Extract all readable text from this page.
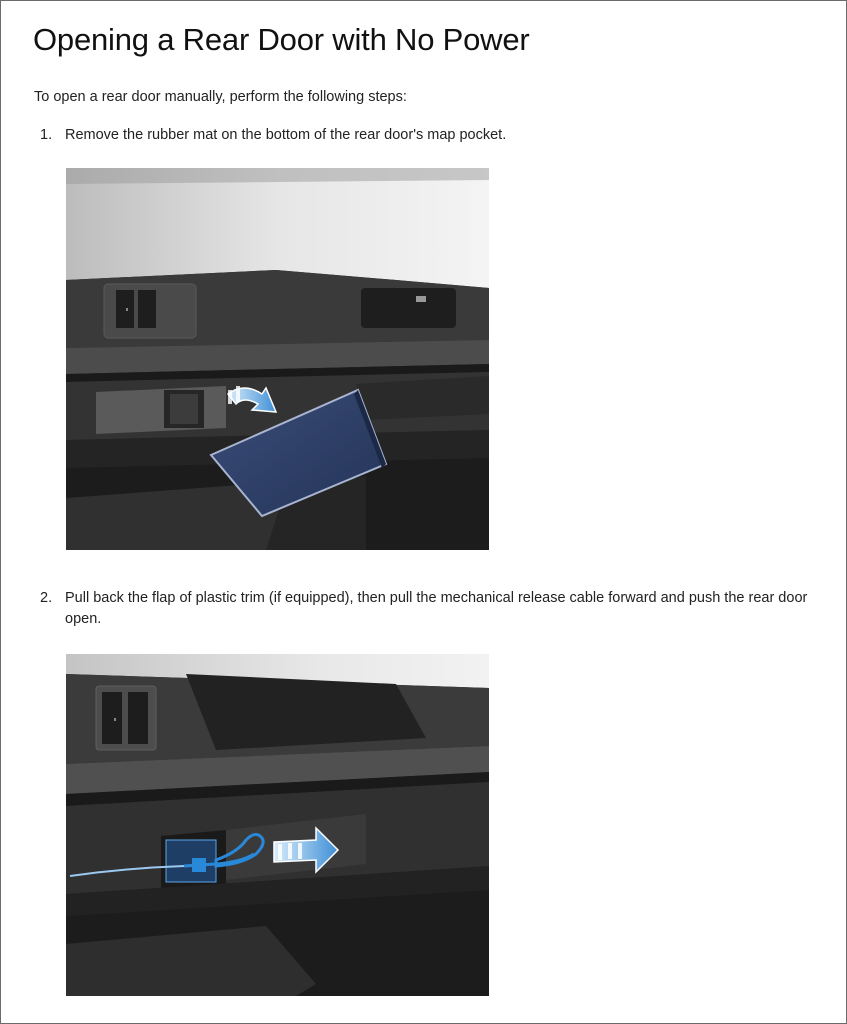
Opening a Rear Door with No Power

To open a rear door manually, perform the following steps:

1. Remove the rubber mat on the bottom of the rear door's map pocket.
2. Pull back the flap of plastic trim (if equipped), then pull the mechanical release cable forward and push the rear door open.
